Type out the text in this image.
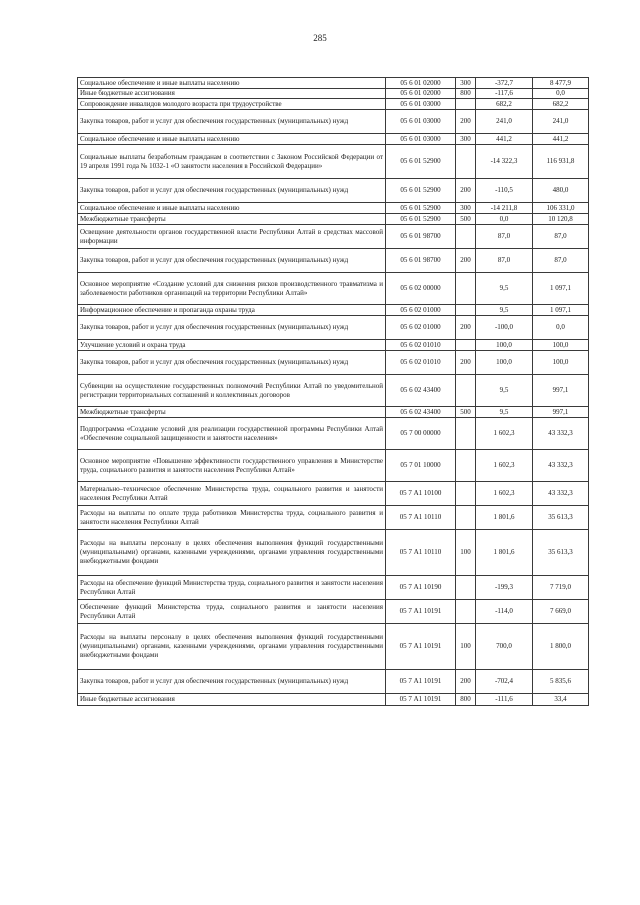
285
Социальное обеспечение и иные выплаты населению	05 6 01 02000	300	-372,7	8 477,9
Иные бюджетные ассигнования	05 6 01 02000	800	-117,6	0,0
Сопровождение инвалидов молодого возраста при трудоустройстве	05 6 01 03000		682,2	682,2
Закупка товаров, работ и услуг для обеспечения государственных (муниципальных) нужд	05 6 01 03000	200	241,0	241,0
Социальное обеспечение и иные выплаты населению	05 6 01 03000	300	441,2	441,2
Социальные выплаты безработным гражданам в соответствии с Законом Российской Федерации от 19 апреля 1991 года № 1032-1 «О занятости населения в Российской Федерации»	05 6 01 52900		-14 322,3	116 931,8
Закупка товаров, работ и услуг для обеспечения государственных (муниципальных) нужд	05 6 01 52900	200	-110,5	480,0
Социальное обеспечение и иные выплаты населению	05 6 01 52900	300	-14 211,8	106 331,0
Межбюджетные трансферты	05 6 01 52900	500	0,0	10 120,8
Освещение деятельности органов государственной власти Республики Алтай в средствах массовой информации	05 6 01 98700		87,0	87,0
Закупка товаров, работ и услуг для обеспечения государственных (муниципальных) нужд	05 6 01 98700	200	87,0	87,0
Основное мероприятие «Создание условий для снижения рисков производственного травматизма и заболеваемости работников организаций на территории Республики Алтай»	05 6 02 00000		9,5	1 097,1
Информационное обеспечение и пропаганда охраны труда	05 6 02 01000		9,5	1 097,1
Закупка товаров, работ и услуг для обеспечения государственных (муниципальных) нужд	05 6 02 01000	200	-100,0	0,0
Улучшение условий и охрана труда	05 6 02 01010		100,0	100,0
Закупка товаров, работ и услуг для обеспечения государственных (муниципальных) нужд	05 6 02 01010	200	100,0	100,0
Субвенции на осуществление государственных полномочий Республики Алтай по уведомительной регистрации территориальных соглашений и коллективных договоров	05 6 02 43400		9,5	997,1
Межбюджетные трансферты	05 6 02 43400	500	9,5	997,1
Подпрограмма «Создание условий для реализации государственной программы Республики Алтай «Обеспечение социальной защищенности и занятости населения»	05 7 00 00000		1 602,3	43 332,3
Основное мероприятие «Повышение эффективности государственного управления в Министерстве труда, социального развития и занятости населения Республики Алтай»	05 7 01 10000		1 602,3	43 332,3
Материально–техническое обеспечение Министерства труда, социального развития и занятости населения Республики Алтай	05 7 А1 10100		1 602,3	43 332,3
Расходы на выплаты по оплате труда работников Министерства труда, социального развития и занятости населения Республики Алтай	05 7 А1 10110		1 801,6	35 613,3
Расходы на выплаты персоналу в целях обеспечения выполнения функций государственными (муниципальными) органами, казенными учреждениями, органами управления государственными внебюджетными фондами	05 7 А1 10110	100	1 801,6	35 613,3
Расходы на обеспечение функций Министерства труда, социального развития и занятости населения Республики Алтай	05 7 А1 10190		-199,3	7 719,0
Обеспечение функций Министерства труда, социального развития и занятости населения Республики Алтай	05 7 А1 10191		-114,0	7 669,0
Расходы на выплаты персоналу в целях обеспечения выполнения функций государственными (муниципальными) органами, казенными учреждениями, органами управления государственными внебюджетными фондами	05 7 А1 10191	100	700,0	1 800,0
Закупка товаров, работ и услуг для обеспечения государственных (муниципальных) нужд	05 7 А1 10191	200	-702,4	5 835,6
Иные бюджетные ассигнования	05 7 А1 10191	800	-111,6	33,4
